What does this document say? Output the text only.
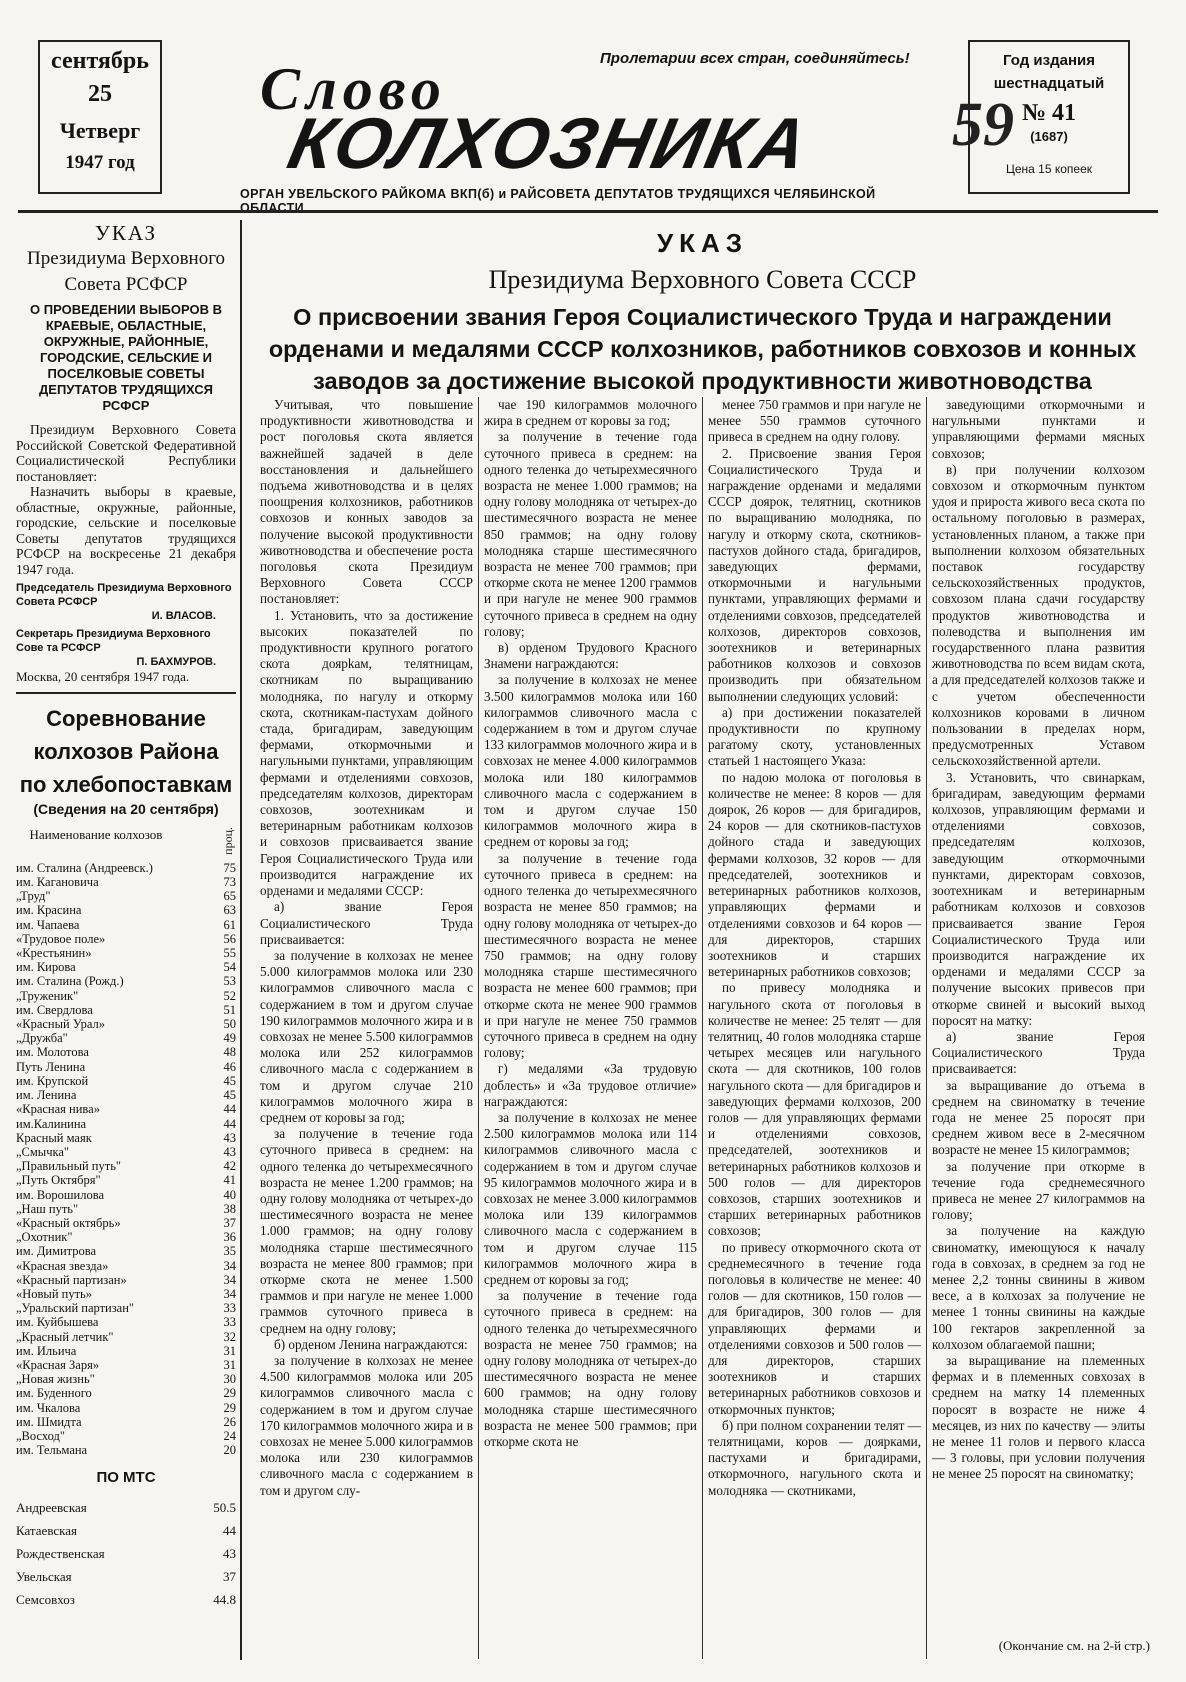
сентябрь
25
Четверг
1947 год
Пролетарии всех стран, соединяйтесь!
Слово
КОЛХОЗНИКА
ОРГАН УВЕЛЬСКОГО РАЙКОМА ВКП(б) и РАЙСОВЕТА ДЕПУТАТОВ ТРУДЯЩИХСЯ ЧЕЛЯБИНСКОЙ ОБЛАСТИ
Год издания
шестнадцатый
№ 41
(1687)
Цена 15 копеек
59
УКАЗ
Президиума Верховного
Совета РСФСР
О ПРОВЕДЕНИИ ВЫБОРОВ В КРАЕВЫЕ, ОБЛАСТНЫЕ, ОКРУЖНЫЕ, РАЙОННЫЕ, ГОРОДСКИЕ, СЕЛЬСКИЕ И ПОСЕЛКОВЫЕ СОВЕТЫ ДЕПУТАТОВ ТРУДЯЩИХСЯ РСФСР
Президиум Верховного Совета Российской Советской Федеративной Социалистической Республики постановляет:
Назначить выборы в краевые, областные, окружные, районные, городские, сельские и поселковые Советы депутатов трудящихся РСФСР на воскресенье 21 декабря 1947 года.
Председатель Президиума Верховного Совета РСФСР
И. ВЛАСОВ.
Секретарь Президиума Верховного Сове та РСФСР
П. БАХМУРОВ.
Москва, 20 сентября 1947 года.
Соревнование
колхозов Района
по хлебопоставкам
(Сведения на 20 сентября)
Наименование колхозов	проц.
им. Сталина (Андреевск.)	75
им. Кагановича	73
„Труд"	65
им. Красина	63
им. Чапаева	61
«Трудовое поле»	56
«Крестьянин»	55
им. Кирова	54
им. Сталина (Рожд.)	53
„Труженик"	52
им. Свердлова	51
«Красный Урал»	50
„Дружба"	49
им. Молотова	48
Путь Ленина	46
им. Крупской	45
им. Ленина	45
«Красная нива»	44
им.Калинина	44
Красный маяк	43
„Смычка"	43
„Правильный путь"	42
„Путь Октября"	41
им. Ворошилова	40
„Наш путь"	38
«Красный октябрь»	37
„Охотник"	36
им. Димитрова	35
«Красная звезда»	34
«Красный партизан»	34
«Новый путь»	34
„Уральский партизан"	33
им. Куйбышева	33
„Красный летчик"	32
им. Ильича	31
«Красная Заря»	31
„Новая жизнь"	30
им. Буденного	29
им. Чкалова	29
им. Шмидта	26
„Восход"	24
им. Тельмана	20
ПО МТС
Андреевская	50.5
Катаевская	44
Рождественская	43
Увельская	37
Семсовхоз	44.8
УКАЗ
Президиума Верховного Совета СССР
О присвоении звания Героя Социалистического Труда и награждении орденами и медалями СССР колхозников, работников совхозов и конных заводов за достижение высокой продуктивности животноводства

Учитывая, что повышение продуктивности животноводства и рост поголовья скота является важнейшей задачей в деле восстановления и дальнейшего подъема животноводства и в целях поощрения колхозников, работников совхозов и конных заводов за получение высокой продуктивности животноводства и обеспечение роста поголовья скота Президиум Верховного Совета СССР постановляет:

1. Установить, что за достижение высоких показателей по продуктивности крупного рогатого скота доярkам, телятницам, скотникам по выращиванию молодняка, по нагулу и откорму скота, скотникам-пастухам дойного стада, бригадирам, заведующим фермами, откормочными и нагульными пунктами, управляющим фермами и отделениями совхозов, председателям колхозов, директорам совхозов, зоотехникам и ветеринарным работникам колхозов и совхозов присваивается звание Героя Социалистического Труда или производится награждение их орденами и медалями СССР:

а) звание Героя Социалистического Труда присваивается:

за получение в колхозах не менее 5.000 килограммов молока или 230 килограммов сливочного масла с содержанием в том и другом случае 190 килограммов молочного жира и в совхозах не менее 5.500 килограммов молока или 252 килограммов сливочного масла с содержанием в том и другом случае 210 килограммов молочного жира в среднем от коровы за год;

за получение в течение года суточного привеса в среднем: на одного теленка до четырехмесячного возраста не менее 1.200 граммов; на одну голову молодняка от четырех-до шестимесячного возраста не менее 1.000 граммов; на одну голову молодняка старше шестимесячного возраста не менее 800 граммов; при откорме скота не менее 1.500 граммов и при нагуле не менее 1.000 граммов суточного привеса в среднем на одну голову;

б) орденом Ленина награждаются:

за получение в колхозах не менее 4.500 килограммов молока или 205 килограммов сливочного масла с содержанием в том и другом случае 170 килограммов молочного жира и в совхозах не менее 5.000 килограммов молока или 230 килограммов сливочного масла с содержанием в том и другом слу-

чае 190 килограммов молочного жира в среднем от коровы за год;

за получение в течение года суточного привеса в среднем: на одного теленка до четырехмесячного возраста не менее 1.000 граммов; на одну голову молодняка от четырех-до шестимесячного возраста не менее 850 граммов; на одну голову молодняка старше шестимесячного возраста не менее 700 граммов; при откорме скота не менее 1200 граммов и при нагуле не менее 900 граммов суточного привеса в среднем на одну голову;

в) орденом Трудового Красного Знамени награждаются:

за получение в колхозах не менее 3.500 килограммов молока или 160 килограммов сливочного масла с содержанием в том и другом случае 133 килограммов молочного жира и в совхозах не менее 4.000 килограммов молока или 180 килограммов сливочного масла с содержанием в том и другом случае 150 килограммов молочного жира в среднем от коровы за год;

за получение в течение года суточного привеса в среднем: на одного теленка до четырехмесячного возраста не менее 850 граммов; на одну голову молодняка от четырех-до шестимесячного возраста не менее 750 граммов; на одну голову молодняка старше шестимесячного возраста не менее 600 граммов; при откорме скота не менее 900 граммов и при нагуле не менее 750 граммов суточного привеса в среднем на одну голову;

г) медалями «За трудовую доблесть» и «За трудовое отличие» награждаются:

за получение в колхозах не менее 2.500 килограммов молока или 114 килограммов сливочного масла с содержанием в том и другом случае 95 килограммов молочного жира и в совхозах не менее 3.000 килограммов молока или 139 килограммов сливочного масла с содержанием в том и другом случае 115 килограммов молочного жира в среднем от коровы за год;

за получение в течение года суточного привеса в среднем: на одного теленка до четырехмесячного возраста не менее 750 граммов; на одну голову молодняка от четырех-до шестимесячного возраста не менее 600 граммов; на одну голову молодняка старше шестимесячного возраста не менее 500 граммов; при откорме скота не

менее 750 граммов и при нагуле не менее 550 граммов суточного привеса в среднем на одну голову.

2. Присвоение звания Героя Социалистического Труда и награждение орденами и медалями СССР доярок, телятниц, скотников по выращиванию молодняка, по нагулу и откорму скота, скотников-пастухов дойного стада, бригадиров, заведующих фермами, откормочными и нагульными пунктами, управляющих фермами и отделениями совхозов, председателей колхозов, директоров совхозов, зоотехников и ветеринарных работников колхозов и совхозов производить при обязательном выполнении следующих условий:

а) при достижении показателей продуктивности по крупному рагатому скоту, установленных статьей 1 настоящего Указа:

по надою молока от поголовья в количестве не менее: 8 коров — для доярок, 26 коров — для бригадиров, 24 коров — для скотников-пастухов дойного стада и заведующих фермами колхозов, 32 коров — для председателей, зоотехников и ветеринарных работников колхозов, управляющих фермами и отделениями совхозов и 64 коров — для директоров, старших зоотехников и старших ветеринарных работников совхозов;

по привесу молодняка и нагульного скота от поголовья в количестве не менее: 25 телят — для телятниц, 40 голов молодняка старше четырех месяцев или нагульного скота — для скотников, 100 голов нагульного скота — для бригадиров и заведующих фермами колхозов, 200 голов — для управляющих фермами и отделениями совхозов, председателей, зоотехников и ветеринарных работников колхозов и 500 голов — для директоров совхозов, старших зоотехников и старших ветеринарных работников совхозов;

по привесу откормочного скота от среднемесячного в течение года поголовья в количестве не менее: 40 голов — для скотников, 150 голов — для бригадиров, 300 голов — для управляющих фермами и отделениями совхозов и 500 голов — для директоров, старших зоотехников и старших ветеринарных работников совхозов и откормочных пунктов;

б) при полном сохранении телят — телятницами, коров — доярками, пастухами и бригадирами, откормочного, нагульного скота и молодняка — скотниками,

заведующими откормочными и нагульными пунктами и управляющими фермами мясных совхозов;

в) при получении колхозом совхозом и откормочным пунктом удоя и прироста живого веса скота по остальному поголовью в размерах, установленных планом, а также при выполнении колхозом обязательных поставок государству сельскохозяйственных продуктов, совхозом плана сдачи государству продуктов животноводства и полеводства и выполнения им государственного плана развития животноводства по всем видам скота, а для председателей колхозов также и с учетом обеспеченности колхозников коровами в личном пользовании в пределах норм, предусмотренных Уставом сельскохозяйственной артели.

3. Установить, что свинаркам, бригадирам, заведующим фермами колхозов, управляющим фермами и отделениями совхозов, председателям колхозов, заведующим откормочными пунктами, директорам совхозов, зоотехникам и ветеринарным работникам колхозов и совхозов присваивается звание Героя Социалистического Труда или производится награждение их орденами и медалями СССР за получение высоких привесов при откорме свиней и высокий выход поросят на матку:

а) звание Героя Социалистического Труда присваивается:

за выращивание до отъема в среднем на свиноматку в течение года не менее 25 поросят при среднем живом весе в 2-месячном возрасте не менее 15 килограммов;

за получение при откорме в течение года среднемесячного привеса не менее 27 килограммов на голову;

за получение на каждую свиноматку, имеющуюся к началу года в совхозах, в среднем за год не менее 2,2 тонны свинины в живом весе, а в колхозах за получение не менее 1 тонны свинины на каждые 100 гектаров закрепленной за колхозом облагаемой пашни;

за выращивание на племенных фермах и в племенных совхозах в среднем на матку 14 племенных поросят в возрасте не ниже 4 месяцев, из них по качеству — элиты не менее 11 голов и первого класса — 3 головы, при условии получения не менее 25 поросят на свиноматку;

(Окончание см. на 2-й стр.)
